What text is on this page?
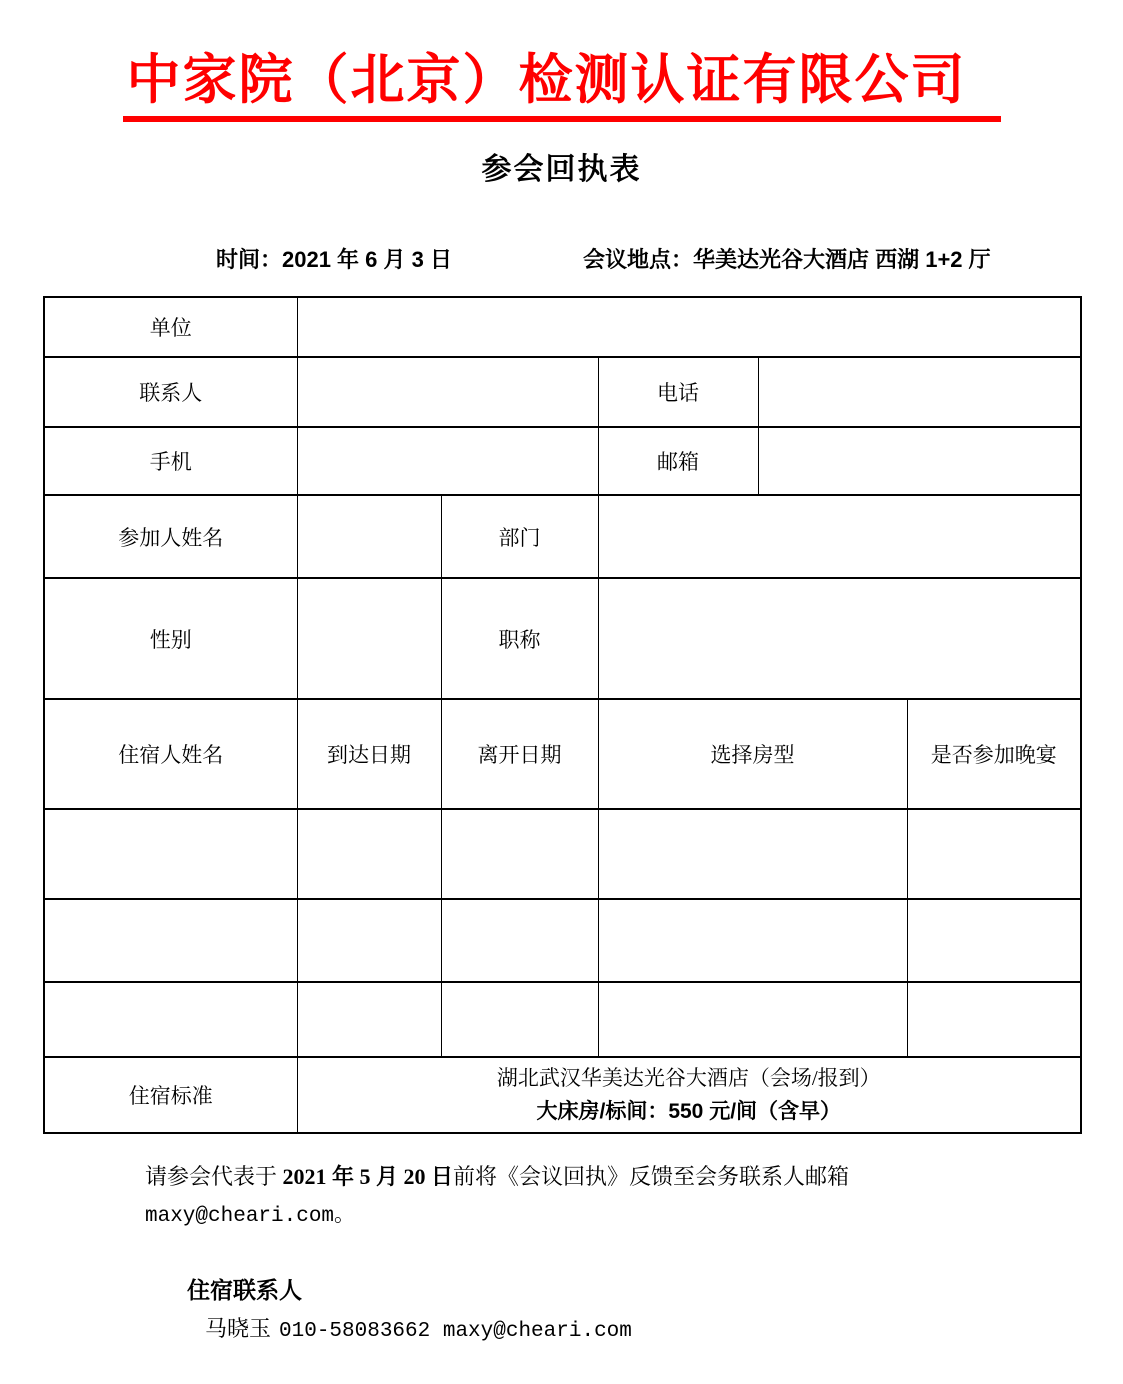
中家院（北京）检测认证有限公司
参会回执表
时间：2021 年 6 月 3 日	会议地点：华美达光谷大酒店 西湖 1+2 厅
单位					
联系人			电话		
手机			邮箱		
参加人姓名		部门			
性别		职称			
住宿人姓名	到达日期	离开日期	选择房型		是否参加晚宴

住宿标准	湖北武汉华美达光谷大酒店（会场/报到）
大床房/标间：550 元/间（含早）				

请参会代表于 2021 年 5 月 20 日前将《会议回执》反馈至会务联系人邮箱
maxy@cheari.com。

住宿联系人

马晓玉 010-58083662 maxy@cheari.com
